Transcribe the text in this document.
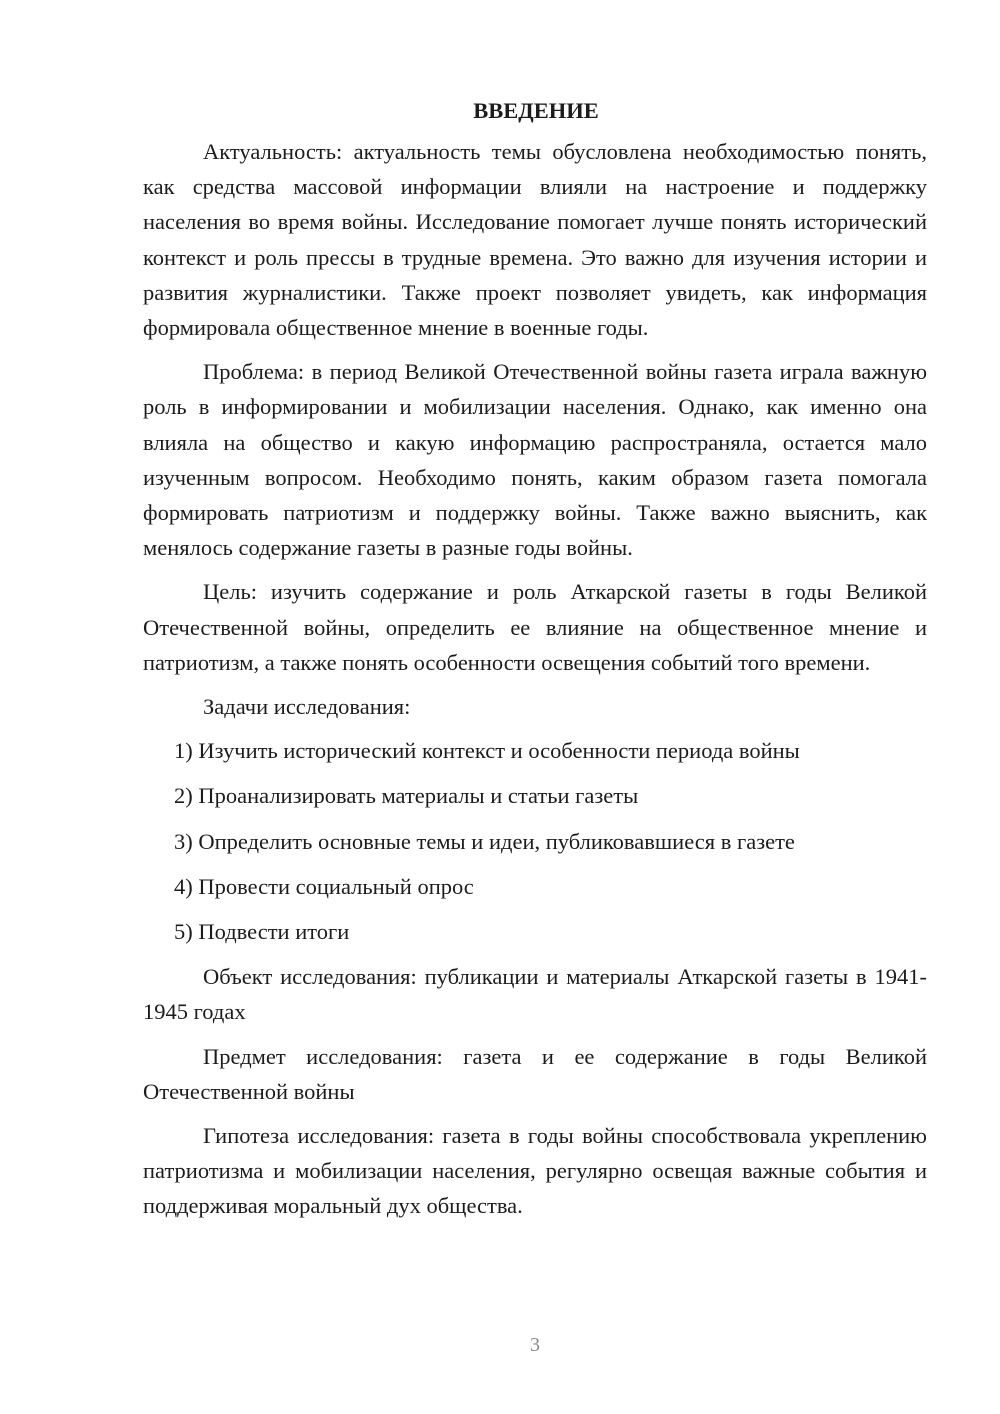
ВВЕДЕНИЕ

Актуальность: актуальность темы обусловлена необходимостью понять, как средства массовой информации влияли на настроение и поддержку населения во время войны. Исследование помогает лучше понять исторический контекст и роль прессы в трудные времена. Это важно для изучения истории и развития журналистики. Также проект позволяет увидеть, как информация формировала общественное мнение в военные годы.

Проблема: в период Великой Отечественной войны газета играла важную роль в информировании и мобилизации населения. Однако, как именно она влияла на общество и какую информацию распространяла, остается мало изученным вопросом. Необходимо понять, каким образом газета помогала формировать патриотизм и поддержку войны. Также важно выяснить, как менялось содержание газеты в разные годы войны.

Цель: изучить содержание и роль Аткарской газеты в годы Великой Отечественной войны, определить ее влияние на общественное мнение и патриотизм, а также понять особенности освещения событий того времени.

Задачи исследования:

1) Изучить исторический контекст и особенности периода войны
2) Проанализировать материалы и статьи газеты
3) Определить основные темы и идеи, публиковавшиеся в газете
4) Провести социальный опрос
5) Подвести итоги

Объект исследования: публикации и материалы Аткарской газеты в 1941-1945 годах

Предмет исследования: газета и ее содержание в годы Великой Отечественной войны

Гипотеза исследования: газета в годы войны способствовала укреплению патриотизма и мобилизации населения, регулярно освещая важные события и поддерживая моральный дух общества.

3
